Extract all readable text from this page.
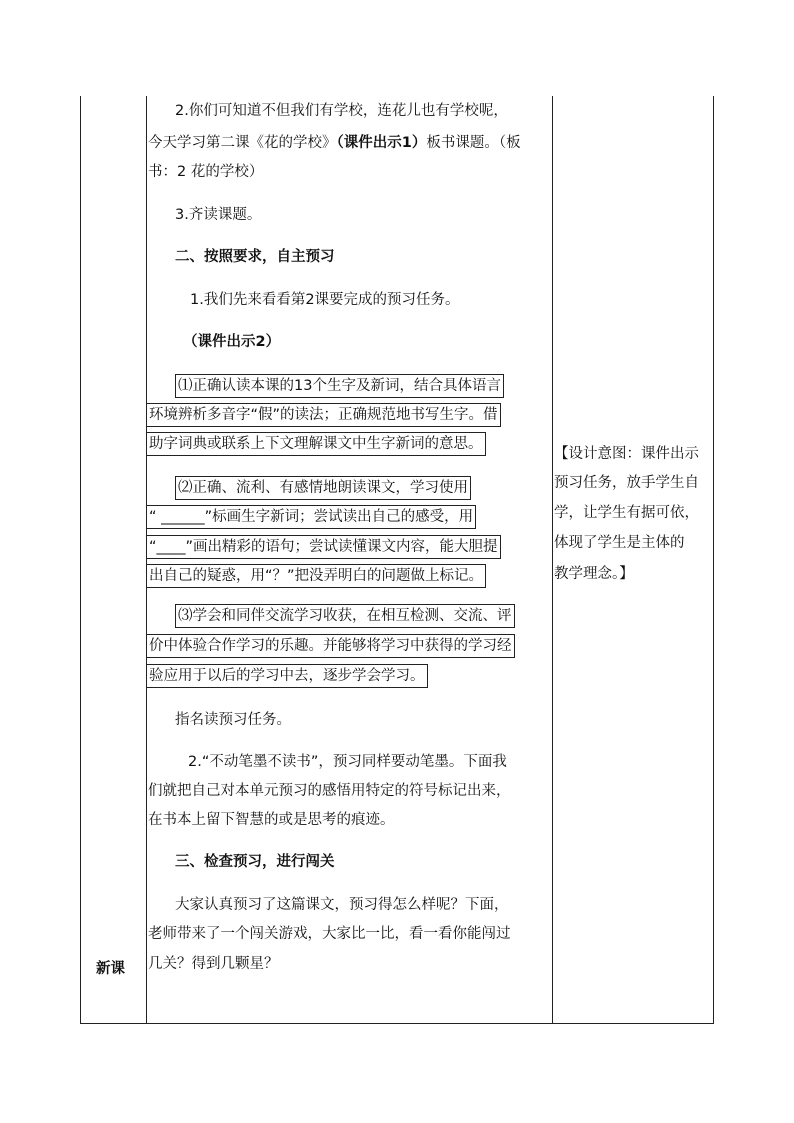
新课
2.你们可知道不但我们有学校，连花儿也有学校呢，
今天学习第二课《花的学校》（课件出示1）板书课题。（板
书：2 花的学校）
3.齐读课题。
二、按照要求，自主预习
1.我们先来看看第2课要完成的预习任务。
（课件出示2）
⑴正确认读本课的13个生字及新词，结合具体语言
环境辨析多音字“假”的读法；正确规范地书写生字。借
助字词典或联系上下文理解课文中生字新词的意思。
⑵正确、流利、有感情地朗读课文，学习使用
“ ______”标画生字新词；尝试读出自己的感受，用
“____”画出精彩的语句；尝试读懂课文内容，能大胆提
出自己的疑惑，用“？”把没弄明白的问题做上标记。
⑶学会和同伴交流学习收获，在相互检测、交流、评
价中体验合作学习的乐趣。并能够将学习中获得的学习经
验应用于以后的学习中去，逐步学会学习。
指名读预习任务。
2.“不动笔墨不读书”，预习同样要动笔墨。下面我
们就把自己对本单元预习的感悟用特定的符号标记出来，
在书本上留下智慧的或是思考的痕迹。
三、检查预习，进行闯关
大家认真预习了这篇课文，预习得怎么样呢？下面，
老师带来了一个闯关游戏，大家比一比，看一看你能闯过
几关？得到几颗星？
【设计意图：课件出示
预习任务，放手学生自
学，让学生有据可依，
体现了学生是主体的
教学理念。】
